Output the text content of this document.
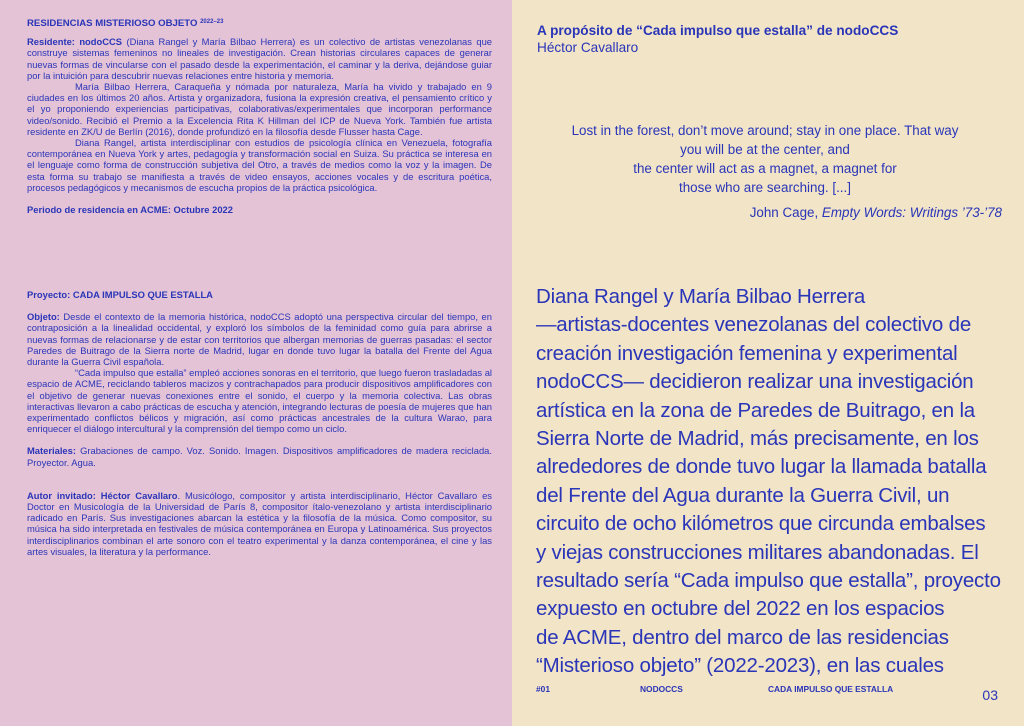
RESIDENCIAS MISTERIOSO OBJETO $^{2022-23}$

Residente: nodoCCS (Diana Rangel y María Bilbao Herrera) es un colectivo de artistas venezolanas que construye sistemas femeninos no lineales de investigación. Crean historias circulares capaces de generar nuevas formas de vincularse con el pasado desde la experimentación, el caminar y la deriva, dejándose guiar por la intuición para descubrir nuevas relaciones entre historia y memoria.

María Bilbao Herrera, Caraqueña y nómada por naturaleza, María ha vivido y trabajado en 9 ciudades en los últimos 20 años. Artista y organizadora, fusiona la expresión creativa, el pensamiento crítico y el yo proponiendo experiencias participativas, colaborativas/experimentales que incorporan performance video/sonido. Recibió el Premio a la Excelencia Rita K Hillman del ICP de Nueva York. También fue artista residente en ZK/U de Berlín (2016), donde profundizó en la filosofía desde Flusser hasta Cage.

Diana Rangel, artista interdisciplinar con estudios de psicología clínica en Venezuela, fotografía contemporánea en Nueva York y artes, pedagogía y transformación social en Suiza. Su práctica se interesa en el lenguaje como forma de construcción subjetiva del Otro, a través de medios como la voz y la imagen. De esta forma su trabajo se manifiesta a través de video ensayos, acciones vocales y de escritura poética, procesos pedagógicos y mecanismos de escucha propios de la práctica psicológica.

Periodo de residencia en ACME: Octubre 2022

Proyecto: CADA IMPULSO QUE ESTALLA

Objeto: Desde el contexto de la memoria histórica, nodoCCS adoptó una perspectiva circular del tiempo, en contraposición a la linealidad occidental, y exploró los símbolos de la feminidad como guía para abrirse a nuevas formas de relacionarse y de estar con territorios que albergan memorias de guerras pasadas: el sector Paredes de Buitrago de la Sierra norte de Madrid, lugar en donde tuvo lugar la batalla del Frente del Agua durante la Guerra Civil española.

“Cada impulso que estalla” empleó acciones sonoras en el territorio, que luego fueron trasladadas al espacio de ACME, reciclando tableros macizos y contrachapados para producir dispositivos amplificadores con el objetivo de generar nuevas conexiones entre el sonido, el cuerpo y la memoria colectiva. Las obras interactivas llevaron a cabo prácticas de escucha y atención, integrando lecturas de poesía de mujeres que han experimentado conflictos bélicos y migración, así como prácticas ancestrales de la cultura Warao, para enriquecer el diálogo intercultural y la comprensión del tiempo como un ciclo.

Materiales: Grabaciones de campo. Voz. Sonido. Imagen. Dispositivos amplificadores de madera reciclada. Proyector. Agua.

Autor invitado: Héctor Cavallaro. Musicólogo, compositor y artista interdisciplinario, Héctor Cavallaro es Doctor en Musicología de la Universidad de París 8, compositor ítalo-venezolano y artista interdisciplinario radicado en París. Sus investigaciones abarcan la estética y la filosofía de la música. Como compositor, su música ha sido interpretada en festivales de música contemporánea en Europa y Latinoamérica. Sus proyectos interdisciplinarios combinan el arte sonoro con el teatro experimental y la danza contemporánea, el cine y las artes visuales, la literatura y la performance.

A propósito de “Cada impulso que estalla” de nodoCCS
Héctor Cavallaro
Lost in the forest, don’t move around; stay in one place. That way
you will be at the center, and
the center will act as a magnet, a magnet for
those who are searching. [...]
John Cage, Empty Words: Writings ’73-’78
Diana Rangel y María Bilbao Herrera
—artistas-docentes venezolanas del colectivo de
creación investigación femenina y experimental
nodoCCS— decidieron realizar una investigación
artística en la zona de Paredes de Buitrago, en la
Sierra Norte de Madrid, más precisamente, en los
alrededores de donde tuvo lugar la llamada batalla
del Frente del Agua durante la Guerra Civil, un
circuito de ocho kilómetros que circunda embalses
y viejas construcciones militares abandonadas. El
resultado sería “Cada impulso que estalla”, proyecto
expuesto en octubre del 2022 en los espacios
de ACME, dentro del marco de las residencias
“Misterioso objeto” (2022-2023), en las cuales
#01	NODOCCS	CADA IMPULSO QUE ESTALLA	03
